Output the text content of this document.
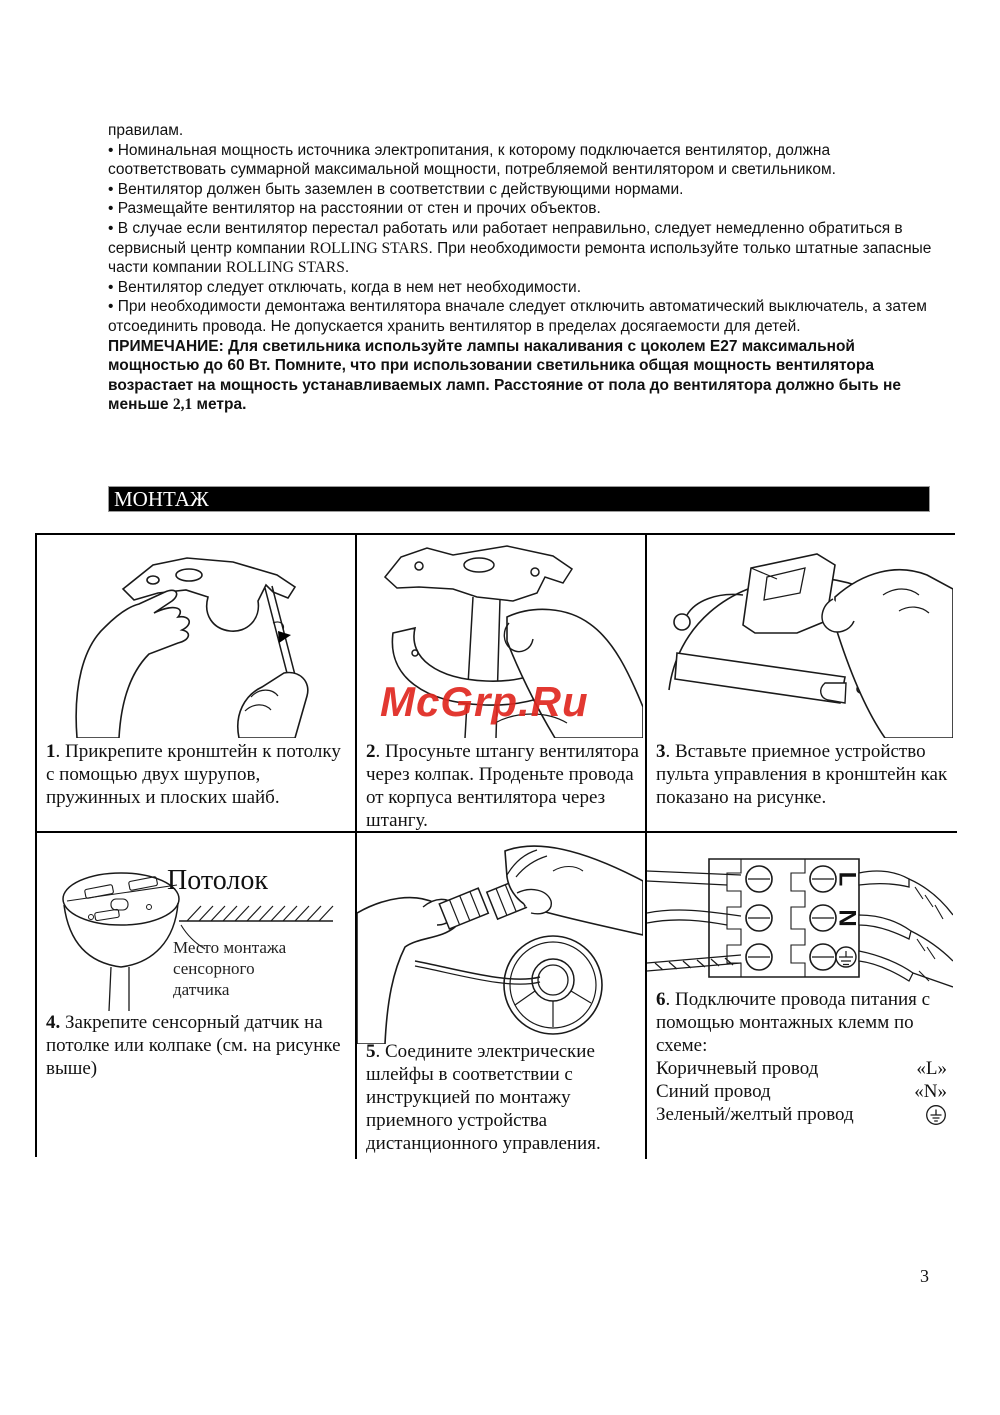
правилам.

• Номинальная мощность источника электропитания, к которому подключается вентилятор, должна соответствовать суммарной максимальной мощности, потребляемой вентилятором и светильником.

• Вентилятор должен быть заземлен в соответствии с действующими нормами.

• Размещайте вентилятор на расстоянии от стен и прочих объектов.

• В случае если вентилятор перестал работать или работает неправильно, следует немедленно обратиться в сервисный центр компании ROLLING STARS. При необходимости ремонта используйте только штатные запасные части компании ROLLING STARS.

• Вентилятор следует отключать, когда в нем нет необходимости.

• При необходимости демонтажа вентилятора вначале следует отключить автоматический выключатель, а затем отсоединить провода. Не допускается хранить вентилятор в пределах досягаемости для детей.

ПРИМЕЧАНИЕ: Для светильника используйте лампы накаливания с цоколем Е27 максимальной мощностью до 60 Вт. Помните, что при использовании светильника общая мощность вентилятора возрастает на мощность устанавливаемых ламп. Расстояние от пола до вентилятора должно быть не меньше 2,1 метра.

МОНТАЖ
1. Прикрепите кронштейн к потолку с помощью двух шурупов, пружинных и плоских шайб.
2. Просуньте штангу вентилятора через колпак. Проденьте провода от корпуса вентилятора через штангу.
3. Вставьте приемное устройство пульта управления в кронштейн как показано на рисунке.
Потолок
Место монтажа
сенсорного
датчика
4. Закрепите сенсорный датчик на потолке или колпаке (см. на рисунке выше)
5. Соедините электрические шлейфы в соответствии с инструкцией по монтажу приемного устройства дистанционного управления.
L
N
6. Подключите провода питания с помощью монтажных клемм по схеме:
Коричневый провод	«L»
Синий провод	«N»
Зеленый/желтый провод
McGrp.Ru
3
